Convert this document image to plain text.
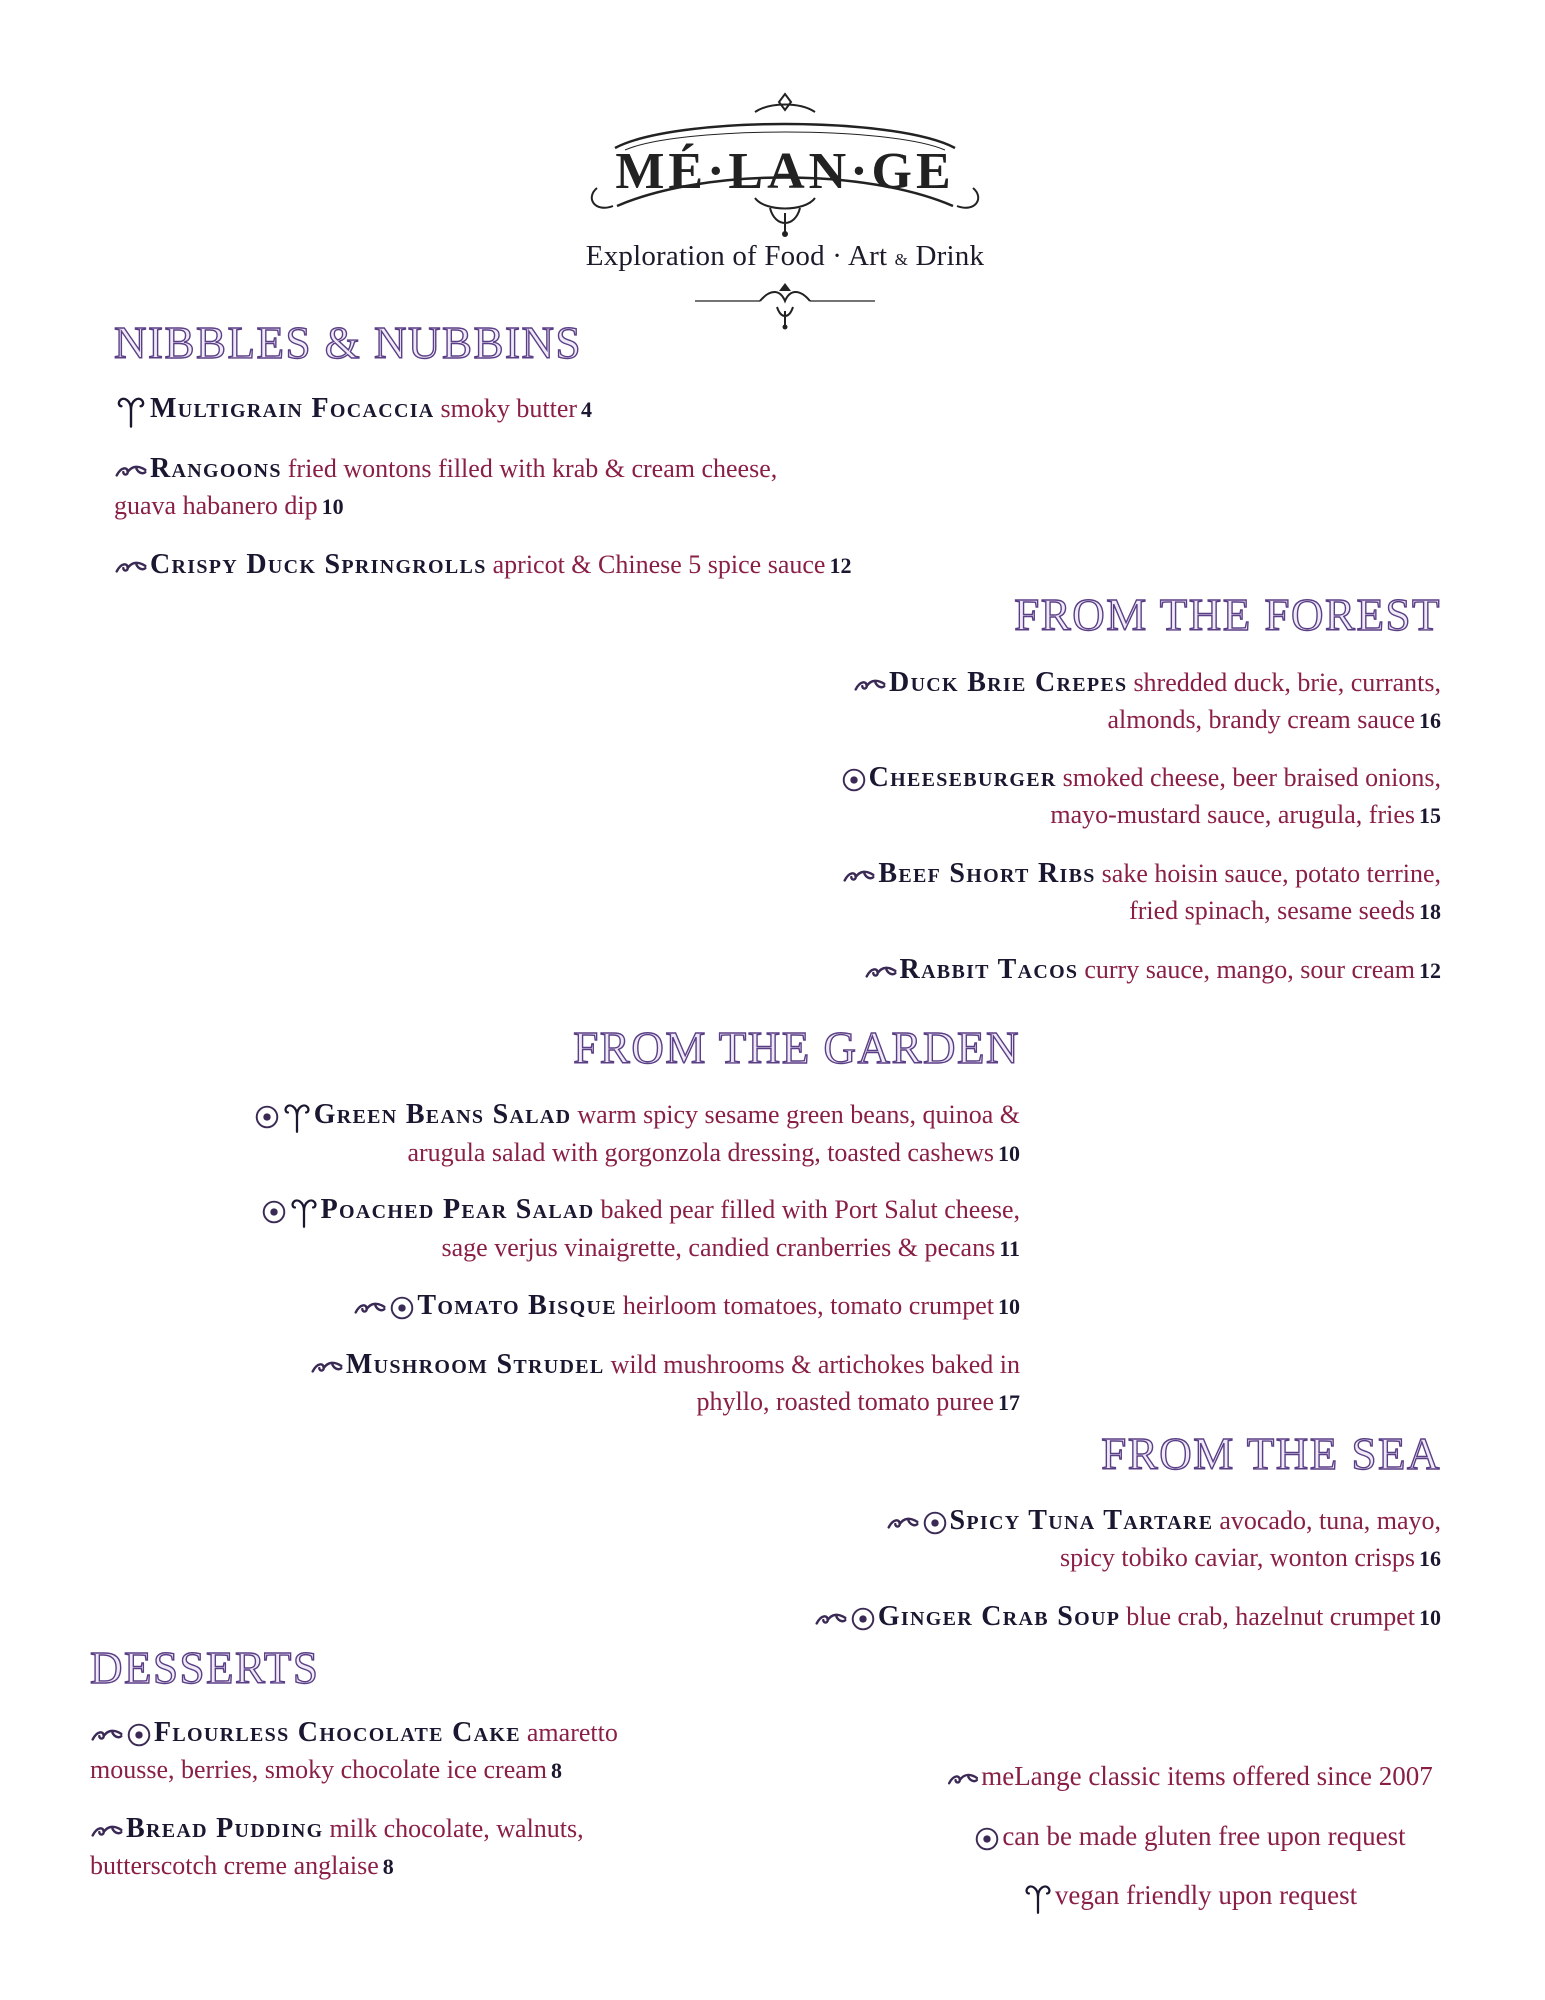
MÉ·LAN·GE
Exploration of Food · Art & Drink
NIBBLES & NUBBINS
Multigrain Focaccia smoky butter 4
Rangoons fried wontons filled with krab & cream cheese,
guava habanero dip 10
Crispy Duck Springrolls apricot & Chinese 5 spice sauce 12
FROM THE FOREST
Duck Brie Crepes shredded duck, brie, currants,
almonds, brandy cream sauce 16
Cheeseburger smoked cheese, beer braised onions,
mayo-mustard sauce, arugula, fries 15
Beef Short Ribs sake hoisin sauce, potato terrine,
fried spinach, sesame seeds 18
Rabbit Tacos curry sauce, mango, sour cream 12
FROM THE GARDEN
Green Beans Salad warm spicy sesame green beans, quinoa &
arugula salad with gorgonzola dressing, toasted cashews 10
Poached Pear Salad baked pear filled with Port Salut cheese,
sage verjus vinaigrette, candied cranberries & pecans 11
Tomato Bisque heirloom tomatoes, tomato crumpet 10
Mushroom Strudel wild mushrooms & artichokes baked in
phyllo, roasted tomato puree 17
FROM THE SEA
Spicy Tuna Tartare avocado, tuna, mayo,
spicy tobiko caviar, wonton crisps 16
Ginger Crab Soup blue crab, hazelnut crumpet 10
DESSERTS
Flourless Chocolate Cake amaretto
mousse, berries, smoky chocolate ice cream 8
Bread Pudding milk chocolate, walnuts,
butterscotch creme anglaise 8
meLange classic items offered since 2007
can be made gluten free upon request
vegan friendly upon request
